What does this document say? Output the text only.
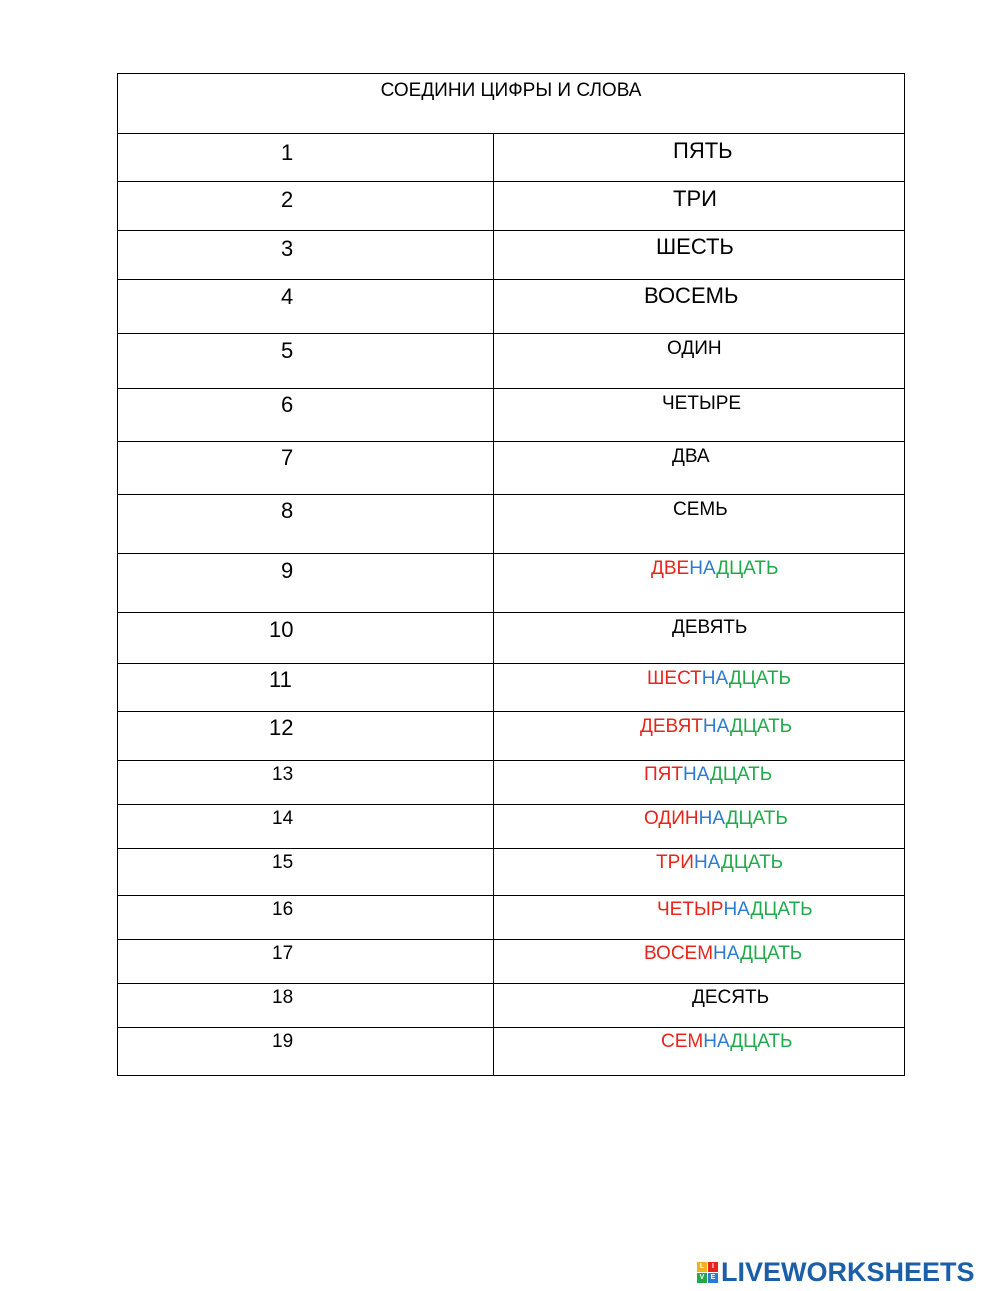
СОЕДИНИ ЦИФРЫ И СЛОВА
1	ПЯТЬ
2	ТРИ
3	ШЕСТЬ
4	ВОСЕМЬ
5	ОДИН
6	ЧЕТЫРЕ
7	ДВА
8	СЕМЬ
9	ДВЕНАДЦАТЬ
10	ДЕВЯТЬ
11	ШЕСТНАДЦАТЬ
12	ДЕВЯТНАДЦАТЬ
13	ПЯТНАДЦАТЬ
14	ОДИННАДЦАТЬ
15	ТРИНАДЦАТЬ
16	ЧЕТЫРНАДЦАТЬ
17	ВОСЕМНАДЦАТЬ
18	ДЕСЯТЬ
19	СЕМНАДЦАТЬ
L	I
V E LIVEWORKSHEETS
